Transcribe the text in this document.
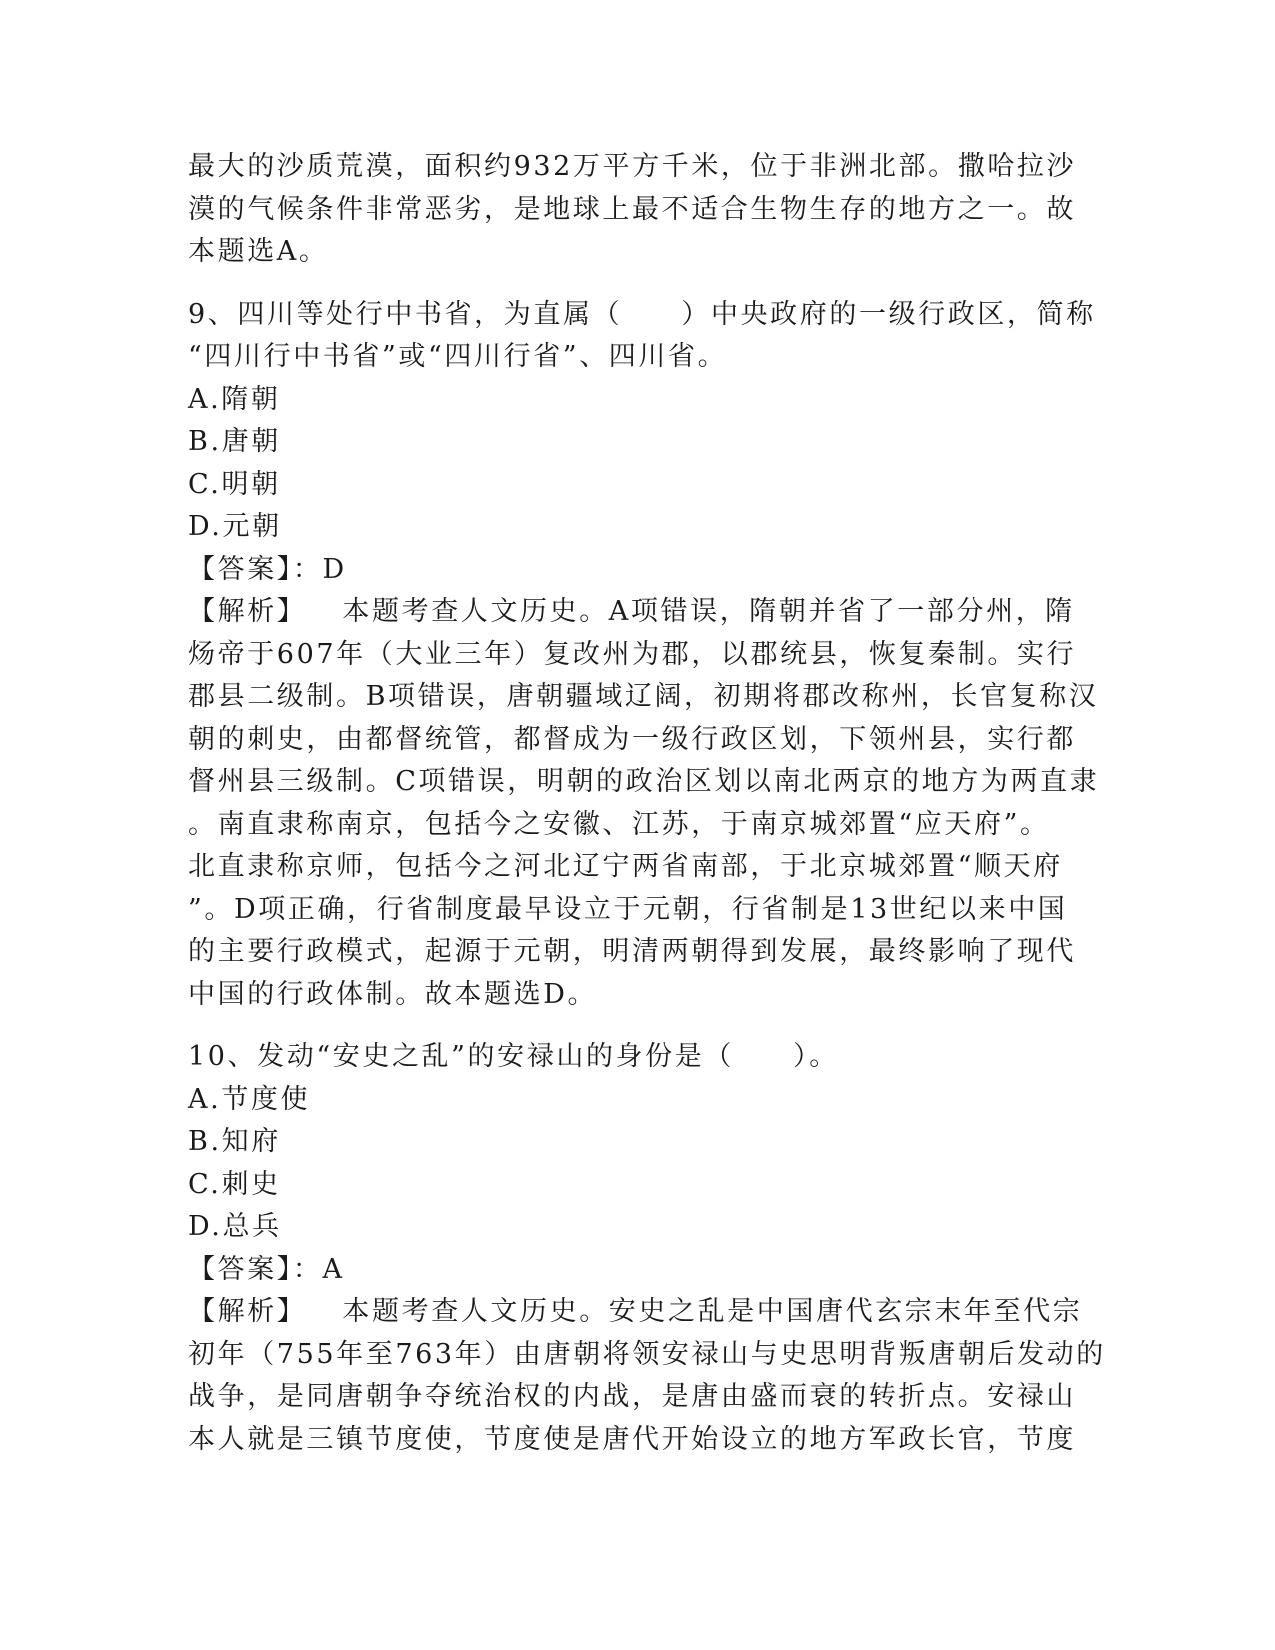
最大的沙质荒漠，面积约932万平方千米，位于非洲北部。撒哈拉沙
漠的气候条件非常恶劣，是地球上最不适合生物生存的地方之一。故
本题选A。
9、四川等处行中书省，为直属（　　）中央政府的一级行政区，简称
“四川行中书省”或“四川行省”、四川省。
A.隋朝
B.唐朝
C.明朝
D.元朝
【答案】：D
【解析】 本题考查人文历史。A项错误，隋朝并省了一部分州，隋
炀帝于607年（大业三年）复改州为郡，以郡统县，恢复秦制。实行
郡县二级制。B项错误，唐朝疆域辽阔，初期将郡改称州，长官复称汉
朝的刺史，由都督统管，都督成为一级行政区划，下领州县，实行都
督州县三级制。C项错误，明朝的政治区划以南北两京的地方为两直隶
。南直隶称南京，包括今之安徽、江苏，于南京城郊置“应天府”。
北直隶称京师，包括今之河北辽宁两省南部，于北京城郊置“顺天府
”。D项正确，行省制度最早设立于元朝，行省制是13世纪以来中国
的主要行政模式，起源于元朝，明清两朝得到发展，最终影响了现代
中国的行政体制。故本题选D。
10、发动“安史之乱”的安禄山的身份是（　　）。
A.节度使
B.知府
C.刺史
D.总兵
【答案】：A
【解析】 本题考查人文历史。安史之乱是中国唐代玄宗末年至代宗
初年（755年至763年）由唐朝将领安禄山与史思明背叛唐朝后发动的
战争，是同唐朝争夺统治权的内战，是唐由盛而衰的转折点。安禄山
本人就是三镇节度使，节度使是唐代开始设立的地方军政长官，节度
